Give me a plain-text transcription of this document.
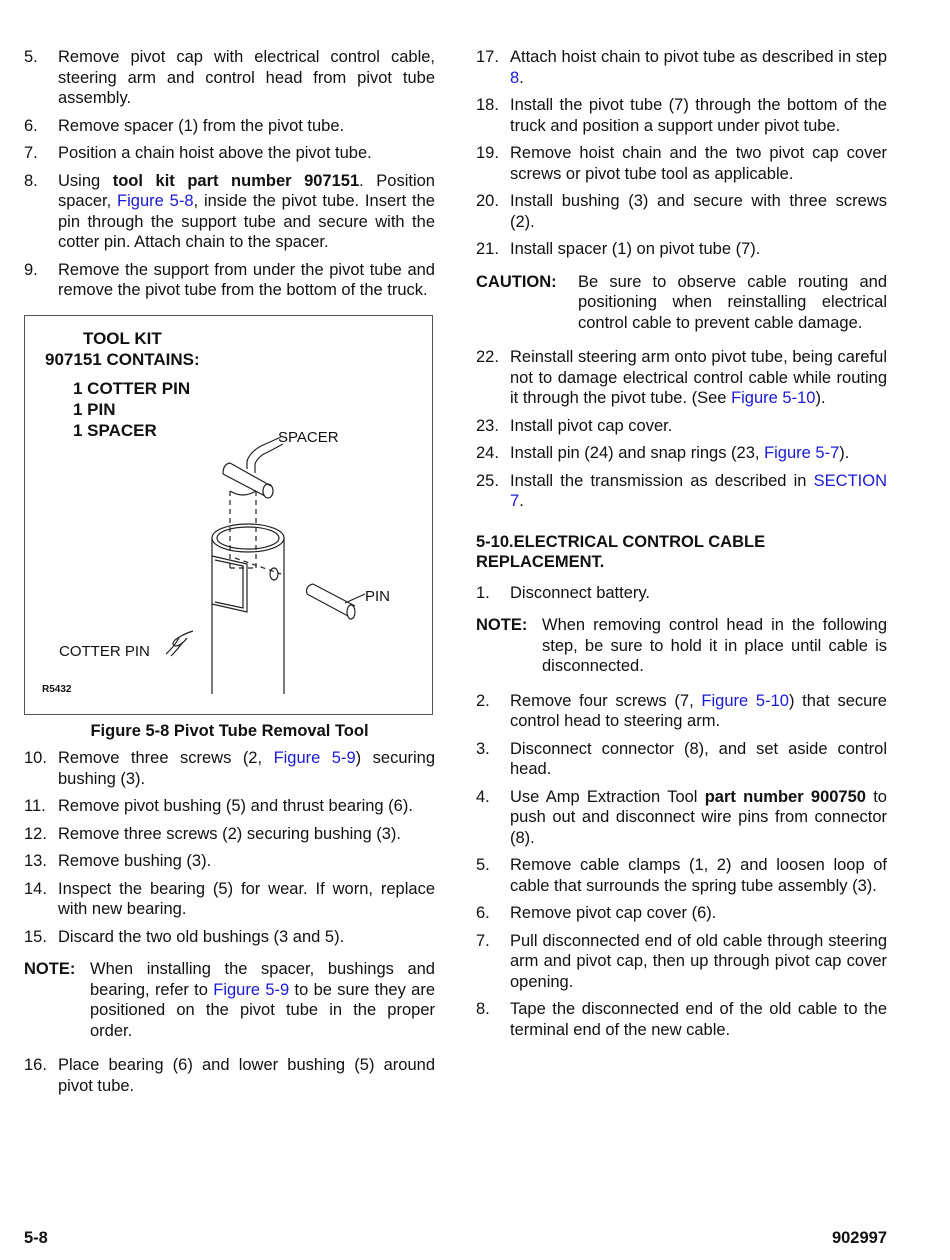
5.	Remove pivot cap with electrical control cable, steering arm and control head from pivot tube assembly.
6.	Remove spacer (1) from the pivot tube.
7.	Position a chain hoist above the pivot tube.
8.	Using tool kit part number 907151. Position spacer, Figure 5-8, inside the pivot tube. Insert the pin through the support tube and secure with the cotter pin. Attach chain to the spacer.
9.	Remove the support from under the pivot tube and remove the pivot tube from the bottom of the truck.
TOOL KIT
907151 CONTAINS:
1 COTTER PIN
1 PIN
1 SPACER	SPACER
PIN
COTTER PIN
R5432
Figure 5-8 Pivot Tube Removal Tool
10. Remove three screws (2, Figure 5-9) securing bushing (3).
11. Remove pivot bushing (5) and thrust bearing (6).
12. Remove three screws (2) securing bushing (3).
13. Remove bushing (3).
14. Inspect the bearing (5) for wear. If worn, replace with new bearing.
15. Discard the two old bushings (3 and 5).
NOTE: When installing the spacer, bushings and bearing, refer to Figure 5-9 to be sure they are positioned on the pivot tube in the proper order.
16. Place bearing (6) and lower bushing (5) around pivot tube.
17. Attach hoist chain to pivot tube as described in step 8.
18. Install the pivot tube (7) through the bottom of the truck and position a support under pivot tube.
19. Remove hoist chain and the two pivot cap cover screws or pivot tube tool as applicable.
20. Install bushing (3) and secure with three screws (2).
21. Install spacer (1) on pivot tube (7).
CAUTION:	Be sure to observe cable routing and positioning when reinstalling electrical control cable to prevent cable damage.
22. Reinstall steering arm onto pivot tube, being careful not to damage electrical control cable while routing it through the pivot tube. (See Figure 5-10).
23. Install pivot cap cover.
24. Install pin (24) and snap rings (23, Figure 5-7).
25. Install the transmission as described in SECTION 7.
5-10.ELECTRICAL CONTROL CABLE REPLACEMENT.
1.	Disconnect battery.
NOTE: When removing control head in the following step, be sure to hold it in place until cable is disconnected.
2.	Remove four screws (7, Figure 5-10) that secure control head to steering arm.
3.	Disconnect connector (8), and set aside control head.
4.	Use Amp Extraction Tool part number 900750 to push out and disconnect wire pins from connector (8).
5.	Remove cable clamps (1, 2) and loosen loop of cable that surrounds the spring tube assembly (3).
6.	Remove pivot cap cover (6).
7.	Pull disconnected end of old cable through steering arm and pivot cap, then up through pivot cap cover opening.
8.	Tape the disconnected end of the old cable to the terminal end of the new cable.
5-8	902997
